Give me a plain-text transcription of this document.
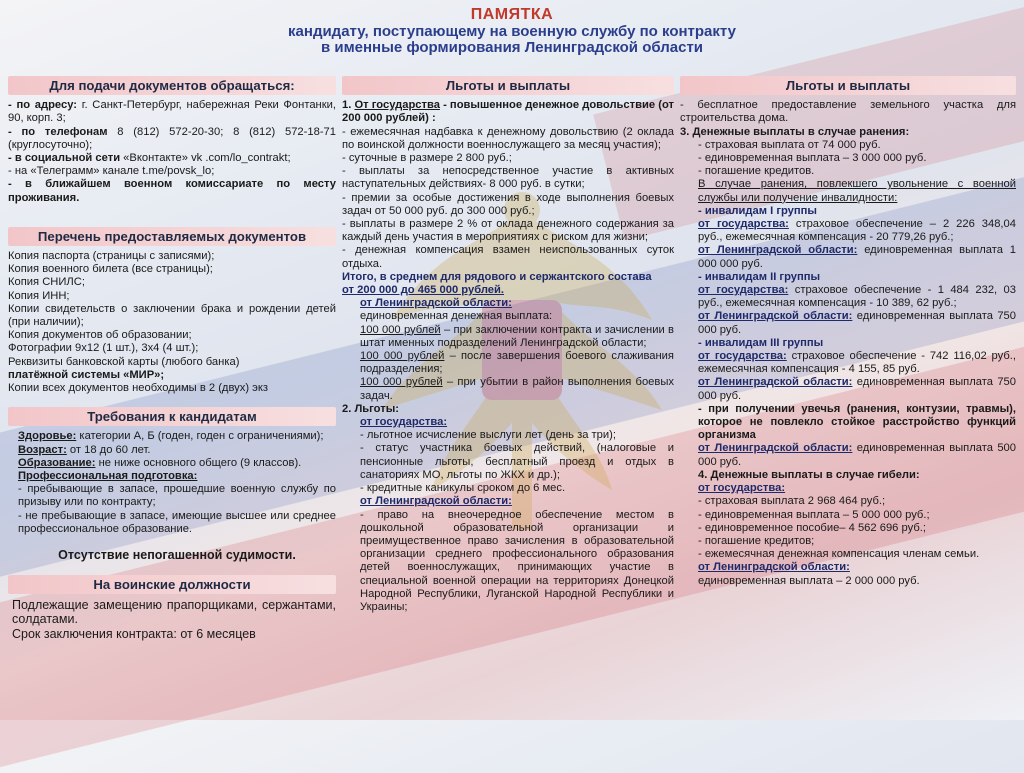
ПАМЯТКА
кандидату, поступающему на военную службу по контракту
в именные формирования Ленинградской области
Для подачи документов обращаться:

- по адресу: г. Санкт-Петербург, набережная Реки Фонтанки, 90, корп. 3;

- по телефонам 8 (812) 572-20-30; 8 (812) 572-18-71 (круглосуточно);

- в социальной сети «Вконтакте» vk .com/lo_contrakt;

- на «Телеграмм» канале t.me/povsk_lo;

- в ближайшем военном комиссариате по месту проживания.

Перечень предоставляемых документов

Копия паспорта (страницы с записями);

Копия военного билета (все страницы);

Копия СНИЛС;

Копия ИНН;

Копии свидетельств о заключении брака и рождении детей (при наличии);

Копия документов об образовании;

Фотографии 9х12 (1 шт.), 3х4 (4 шт.);

Реквизиты банковской карты (любого банка)

платёжной системы «МИР»;

Копии всех документов необходимы в 2 (двух) экз

Требования к кандидатам

Здоровье: категории А, Б (годен, годен с ограничениями);

Возраст: от 18 до 60 лет.

Образование: не ниже основного общего (9 классов).

Профессиональная подготовка:

- пребывающие в запасе, прошедшие военную службу по призыву или по контракту;

- не пребывающие в запасе, имеющие высшее или среднее профессиональное образование.

Отсутствие непогашенной судимости.

На воинские должности

Подлежащие замещению прапорщиками, сержантами, солдатами.

Срок заключения контракта: от 6 месяцев

Льготы и выплаты

1. От государства - повышенное денежное довольствие (от 200 000 рублей) :

- ежемесячная надбавка к денежному довольствию (2 оклада по воинской должности военнослужащего за месяц участия);

- суточные в размере 2 800 руб.;

- выплаты за непосредственное участие в активных наступательных действиях- 8 000 руб. в сутки;

- премии за особые достижения в ходе выполнения боевых задач от 50 000 руб. до 300 000 руб.;

- выплаты в размере 2 % от оклада денежного содержания за каждый день участия в мероприятиях с риском для жизни;

- денежная компенсация взамен неиспользованных суток отдыха.

Итого, в среднем для рядового и сержантского состава

от 200 000 до 465 000 рублей.

от Ленинградской области:

единовременная денежная выплата:

100 000 рублей – при заключении контракта и зачислении в штат именных подразделений Ленинградской области;

100 000 рублей – после завершения боевого слаживания подразделения;

100 000 рублей – при убытии в район выполнения боевых задач.

2. Льготы:

от государства:

- льготное исчисление выслуги лет (день за три);

- статус участника боевых действий, (налоговые и пенсионные льготы, бесплатный проезд и отдых в санаториях МО, льготы по ЖКХ и др.);

- кредитные каникулы сроком до 6 мес.

от Ленинградской области:

- право на внеочередное обеспечение местом в дошкольной образовательной организации и преимущественное право зачисления в образовательной организации среднего профессионального образования детей военнослужащих, принимающих участие в специальной военной операции на территориях Донецкой Народной Республики, Луганской Народной Республики и Украины;

Льготы и выплаты

- бесплатное предоставление земельного участка для строительства дома.

3. Денежные выплаты в случае ранения:

- страховая выплата от 74 000 руб.

- единовременная выплата – 3 000 000 руб.

- погашение кредитов.

В случае ранения, повлекшего увольнение с военной службы или получение инвалидности:

- инвалидам I группы

от государства: страховое обеспечение – 2 226 348,04 руб., ежемесячная компенсация - 20 779,26 руб.;

от Ленинградской области: единовременная выплата 1 000 000 руб.

- инвалидам II группы

от государства: страховое обеспечение - 1 484 232, 03 руб., ежемесячная компенсация - 10 389, 62 руб.;

от Ленинградской области: единовременная выплата 750 000 руб.

- инвалидам III группы

от государства: страховое обеспечение - 742 116,02 руб., ежемесячная компенсация - 4 155, 85 руб.

от Ленинградской области: единовременная выплата 750 000 руб.

- при получении увечья (ранения, контузии, травмы), которое не повлекло стойкое расстройство функций организма

от Ленинградской области: единовременная выплата 500 000 руб.

4. Денежные выплаты в случае гибели:

от государства:

- страховая выплата 2 968 464 руб.;

- единовременная выплата – 5 000 000 руб.;

- единовременное пособие– 4 562 696 руб.;

- погашение кредитов;

- ежемесячная денежная компенсация членам семьи.

от Ленинградской области:

единовременная выплата – 2 000 000 руб.
